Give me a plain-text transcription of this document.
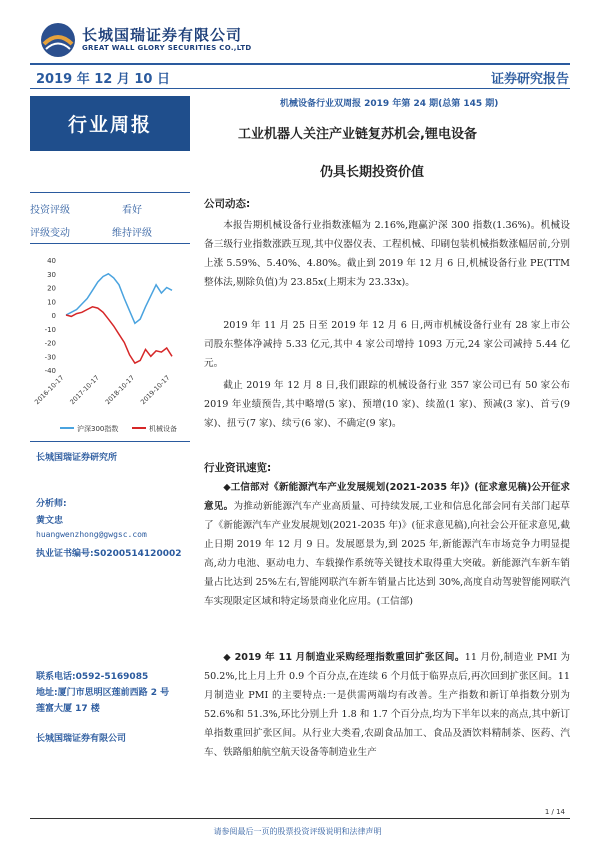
长城国瑞证券有限公司
GREAT WALL GLORY SECURITIES CO.,LTD
2019 年 12 月 10 日	证券研究报告
行业周报
机械设备行业双周报 2019 年第 24 期(总第 145 期)
工业机器人关注产业链复苏机会,锂电设备
仍具长期投资价值
投资评级	看好
评级变动	维持评级
40
30
20
10
0
-10
-20
-30
-40
2016-10-17 2017-10-17 2018-10-17 2019-10-17
沪深300指数	机械设备
长城国瑞证券研究所
分析师:
黄文忠
huangwenzhong@gwgsc.com
执业证书编号:S0200514120002
联系电话:0592-5169085
地址:厦门市思明区莲前西路 2 号
莲富大厦 17 楼
长城国瑞证券有限公司
公司动态:
本报告期机械设备行业指数涨幅为 2.16%,跑赢沪深 300 指数(1.36%)。机械设备三级行业指数涨跌互现,其中仪器仪表、工程机械、印刷包装机械指数涨幅居前,分别上涨 5.59%、5.40%、4.80%。截止到 2019 年 12 月 6 日,机械设备行业 PE(TTM 整体法,剔除负值)为 23.85x(上期末为 23.33x)。
2019 年 11 月 25 日至 2019 年 12 月 6 日,两市机械设备行业有 28 家上市公司股东整体净减持 5.33 亿元,其中 4 家公司增持 1093 万元,24 家公司减持 5.44 亿元。
截止 2019 年 12 月 8 日,我们跟踪的机械设备行业 357 家公司已有 50 家公布 2019 年业绩预告,其中略增(5 家)、预增(10 家)、续盈(1 家)、预减(3 家)、首亏(9 家)、扭亏(7 家)、续亏(6 家)、不确定(9 家)。
行业资讯速览:
◆工信部对《新能源汽车产业发展规划(2021-2035 年)》(征求意见稿)公开征求意见。为推动新能源汽车产业高质量、可持续发展,工业和信息化部会同有关部门起草了《新能源汽车产业发展规划(2021-2035 年)》(征求意见稿),向社会公开征求意见,截止日期 2019 年 12 月 9 日。发展愿景为,到 2025 年,新能源汽车市场竞争力明显提高,动力电池、驱动电力、车载操作系统等关键技术取得重大突破。新能源汽车新车销量占比达到 25%左右,智能网联汽车新车销量占比达到 30%,高度自动驾驶智能网联汽车实现限定区域和特定场景商业化应用。(工信部)
◆ 2019 年 11 月制造业采购经理指数重回扩张区间。11 月份,制造业 PMI 为 50.2%,比上月上升 0.9 个百分点,在连续 6 个月低于临界点后,再次回到扩张区间。11 月制造业 PMI 的主要特点:一是供需两端均有改善。生产指数和新订单指数分别为 52.6%和 51.3%,环比分别上升 1.8 和 1.7 个百分点,均为下半年以来的高点,其中新订单指数重回扩张区间。从行业大类看,农副食品加工、食品及酒饮料精制茶、医药、汽车、铁路船舶航空航天设备等制造业生产
1 / 14
请参阅最后一页的股票投资评级说明和法律声明
